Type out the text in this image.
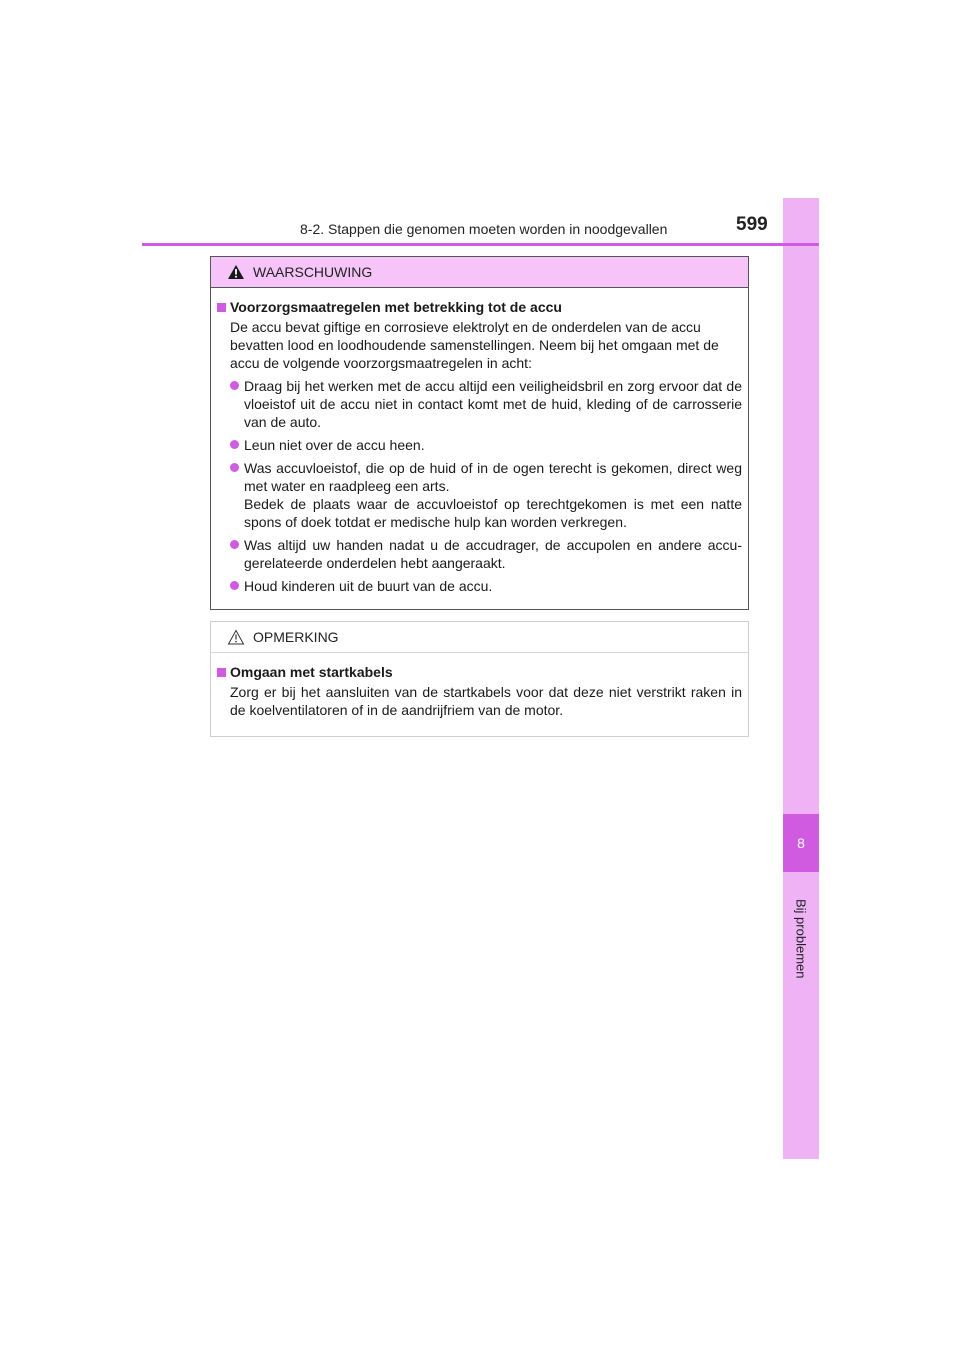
8
Bij problemen
8-2. Stappen die genomen moeten worden in noodgevallen	599
WAARSCHUWING
Voorzorgsmaatregelen met betrekking tot de accu
De accu bevat giftige en corrosieve elektrolyt en de onderdelen van de accu bevatten lood en loodhoudende samenstellingen. Neem bij het omgaan met de accu de volgende voorzorgsmaatregelen in acht:
Draag bij het werken met de accu altijd een veiligheidsbril en zorg ervoor dat de vloeistof uit de accu niet in contact komt met de huid, kleding of de carrosserie van de auto.
Leun niet over de accu heen.
Was accuvloeistof, die op de huid of in de ogen terecht is gekomen, direct weg met water en raadpleeg een arts.
Bedek de plaats waar de accuvloeistof op terechtgekomen is met een natte spons of doek totdat er medische hulp kan worden verkregen.
Was altijd uw handen nadat u de accudrager, de accupolen en andere accu-gerelateerde onderdelen hebt aangeraakt.
Houd kinderen uit de buurt van de accu.
OPMERKING
Omgaan met startkabels
Zorg er bij het aansluiten van de startkabels voor dat deze niet verstrikt raken in de koelventilatoren of in de aandrijfriem van de motor.
